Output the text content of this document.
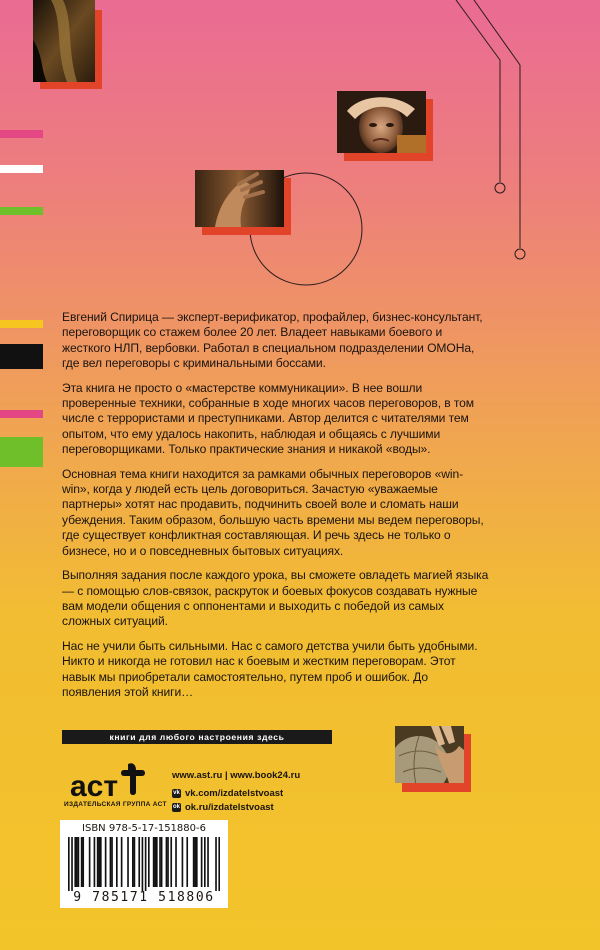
Евгений Спирица — эксперт-верификатор, профайлер, бизнес-консультант, переговорщик со стажем более 20 лет. Владеет навыками боевого и жесткого НЛП, вербовки. Работал в специальном подразделении ОМОНа, где вел переговоры с криминальными боссами.

Эта книга не просто о «мастерстве коммуникации». В нее вошли проверенные техники, собранные в ходе многих часов переговоров, в том числе с террористами и преступниками. Автор делится с читателями тем опытом, что ему удалось накопить, наблюдая и общаясь с лучшими переговорщиками. Только практические знания и никакой «воды».

Основная тема книги находится за рамками обычных переговоров «win-win», когда у людей есть цель договориться. Зачастую «уважаемые партнеры» хотят нас продавить, подчинить своей воле и сломать наши убеждения. Таким образом, большую часть времени мы ведем переговоры, где существует конфликтная составляющая. И речь здесь не только о бизнесе, но и о повседневных бытовых ситуациях.

Выполняя задания после каждого урока, вы сможете овладеть магией языка — с помощью слов-связок, раскруток и боевых фокусов создавать нужные вам модели общения с оппонентами и выходить с победой из самых сложных ситуаций.

Нас не учили быть сильными. Нас с самого детства учили быть удобными. Никто и никогда не готовил нас к боевым и жестким переговорам. Этот навык мы приобретали самостоятельно, путем проб и ошибок. До появления этой книги…

книги для любого настроения здесь
аст
ИЗДАТЕЛЬСКАЯ ГРУППА АСТ
www.ast.ru | www.book24.ru
vk vk.com/izdatelstvoast
ok ok.ru/izdatelstvoast
ISBN 978-5-17-151880-6
9 785171 518806
